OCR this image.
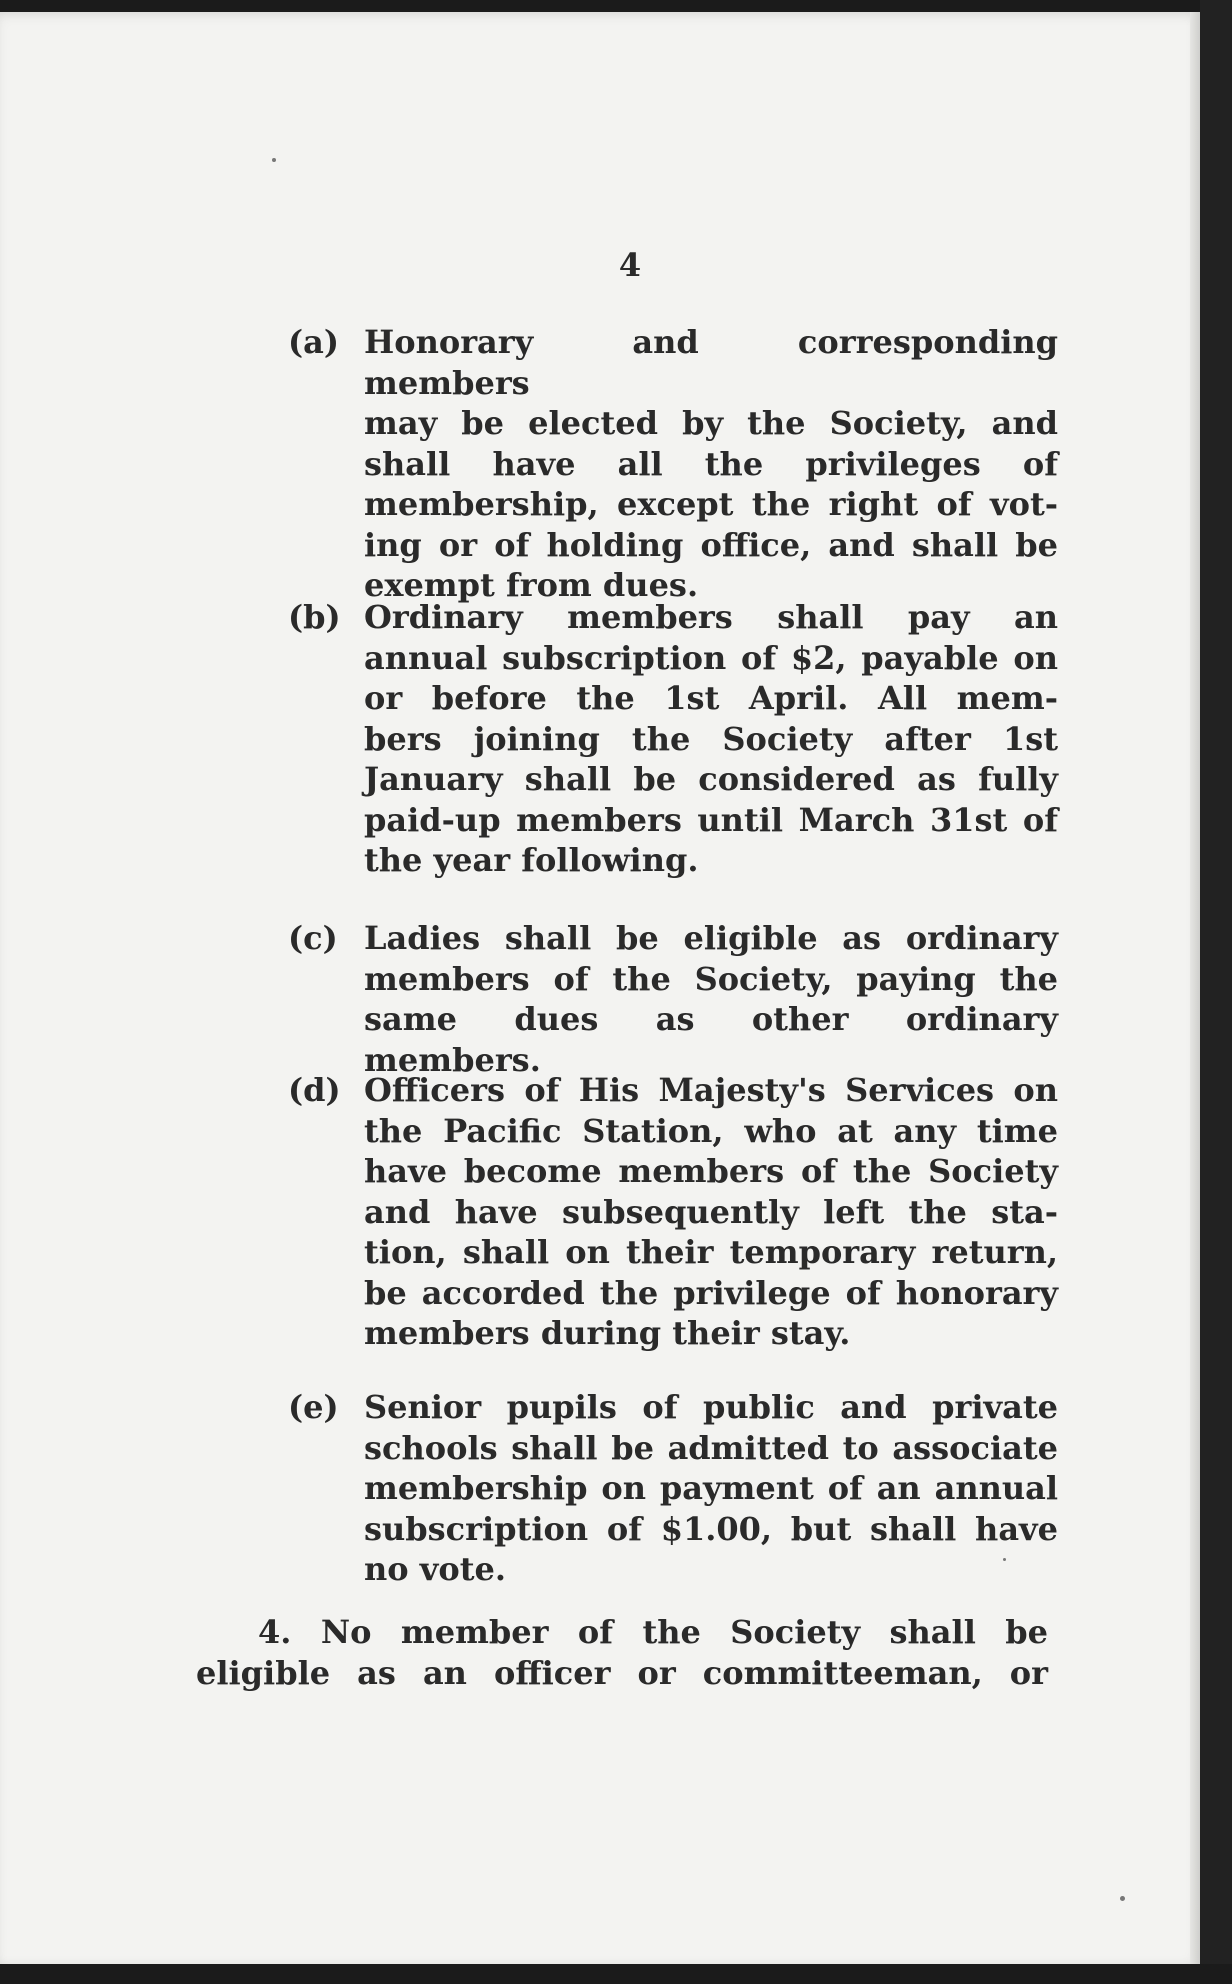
4
(a) Honorary and corresponding members
may be elected by the Society, and
shall have all the privileges of
membership, except the right of vot-
ing or of holding office, and shall be
exempt from dues.
(b) Ordinary members shall pay an
annual subscription of $2, payable on
or before the 1st April. All mem-
bers joining the Society after 1st
January shall be considered as fully
paid-up members until March 31st of
the year following.
(c) Ladies shall be eligible as ordinary
members of the Society, paying the
same dues as other ordinary members.
(d) Officers of His Majesty's Services on
the Pacific Station, who at any time
have become members of the Society
and have subsequently left the sta-
tion, shall on their temporary return,
be accorded the privilege of honorary
members during their stay.
(e) Senior pupils of public and private
schools shall be admitted to associate
membership on payment of an annual
subscription of $1.00, but shall have
no vote.
4. No member of the Society shall be
eligible as an officer or committeeman, or
